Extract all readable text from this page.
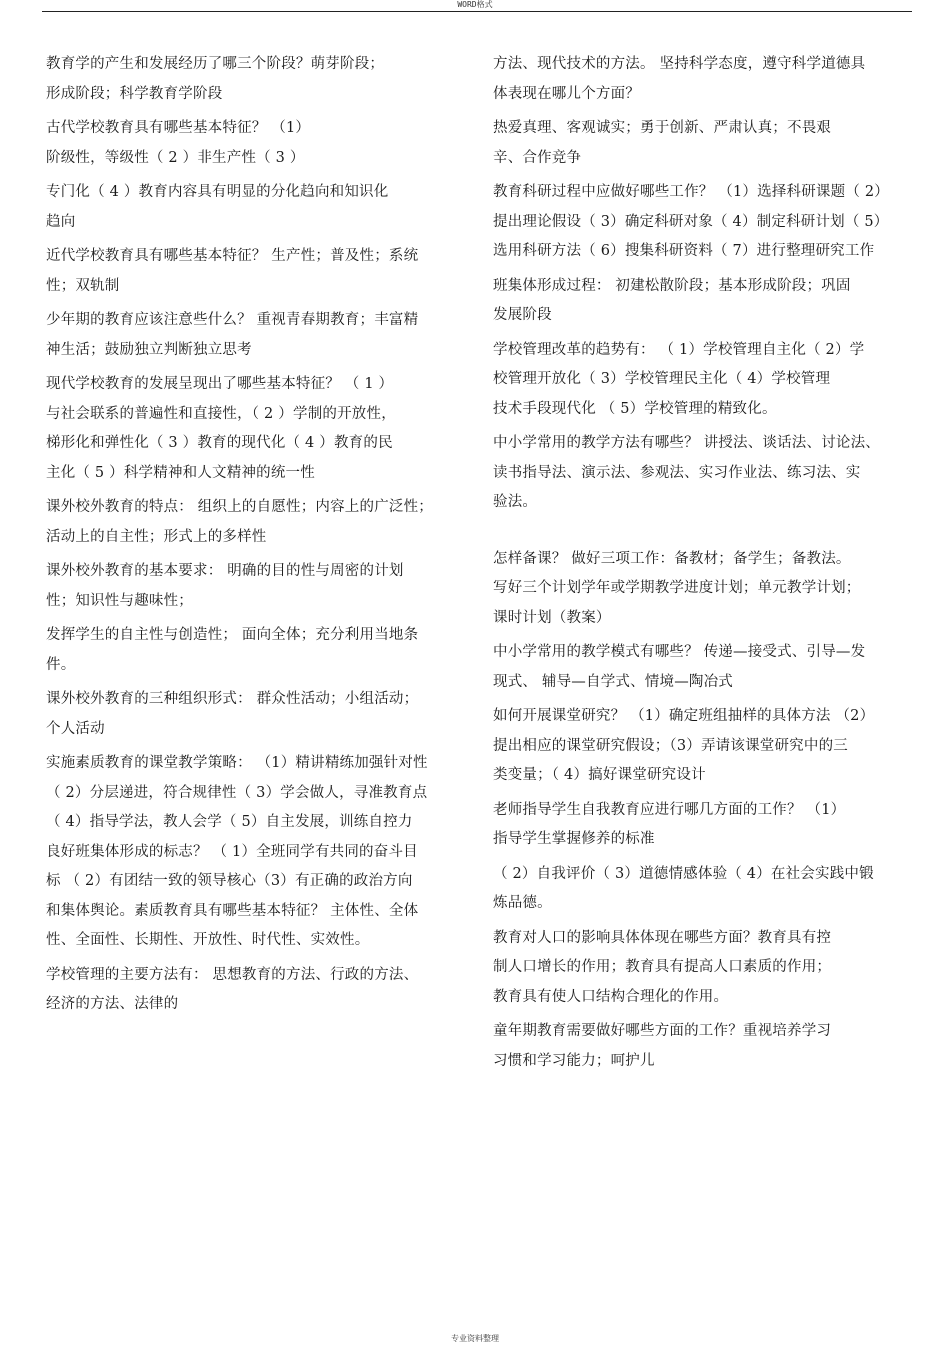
WORD格式
教育学的产生和发展经历了哪三个阶段？萌芽阶段；
形成阶段；科学教育学阶段
古代学校教育具有哪些基本特征？ （1）
阶级性，等级性（ 2 ）非生产性（ 3 ）
专门化（ 4 ）教育内容具有明显的分化趋向和知识化
趋向
近代学校教育具有哪些基本特征？ 生产性；普及性；系统
性；双轨制
少年期的教育应该注意些什么？ 重视青春期教育；丰富精
神生活；鼓励独立判断独立思考
现代学校教育的发展呈现出了哪些基本特征？ （ 1 ）
与社会联系的普遍性和直接性，（ 2 ）学制的开放性，
梯形化和弹性化（ 3 ）教育的现代化（ 4 ）教育的民
主化（ 5 ）科学精神和人文精神的统一性
课外校外教育的特点： 组织上的自愿性；内容上的广泛性；
活动上的自主性；形式上的多样性
课外校外教育的基本要求： 明确的目的性与周密的计划
性；知识性与趣味性；
发挥学生的自主性与创造性； 面向全体；充分利用当地条
件。
课外校外教育的三种组织形式： 群众性活动；小组活动；
个人活动
实施素质教育的课堂教学策略： （1）精讲精练加强针对性
（ 2）分层递进，符合规律性（ 3）学会做人，寻准教育点
（ 4）指导学法，教人会学（ 5）自主发展，训练自控力
良好班集体形成的标志？ （ 1）全班同学有共同的奋斗目
标 （ 2）有团结一致的领导核心（3）有正确的政治方向
和集体舆论。素质教育具有哪些基本特征？ 主体性、全体
性、全面性、长期性、开放性、时代性、实效性。
学校管理的主要方法有： 思想教育的方法、行政的方法、
经济的方法、法律的
方法、现代技术的方法。 坚持科学态度，遵守科学道德具
体表现在哪儿个方面？
热爱真理、客观诚实；勇于创新、严肃认真；不畏艰
辛、合作竞争
教育科研过程中应做好哪些工作？ （1）选择科研课题（ 2）
提出理论假设（ 3）确定科研对象（ 4）制定科研计划（ 5）
选用科研方法（ 6）搜集科研资料（ 7）进行整理研究工作
班集体形成过程： 初建松散阶段；基本形成阶段；巩固
发展阶段
学校管理改革的趋势有： （ 1）学校管理自主化（ 2）学
校管理开放化（ 3）学校管理民主化（ 4）学校管理
技术手段现代化 （ 5）学校管理的精致化。
中小学常用的教学方法有哪些？ 讲授法、谈话法、讨论法、
读书指导法、演示法、参观法、实习作业法、练习法、实
验法。
怎样备课？ 做好三项工作：备教材；备学生；备教法。
写好三个计划学年或学期教学进度计划；单元教学计划；
课时计划（教案）
中小学常用的教学模式有哪些？ 传递—接受式、引导—发
现式、 辅导—自学式、情境—陶冶式
如何开展课堂研究？ （1）确定班组抽样的具体方法 （2）
提出相应的课堂研究假设；（3）弄请该课堂研究中的三
类变量；（ 4）搞好课堂研究设计
老师指导学生自我教育应进行哪几方面的工作？ （1）
指导学生掌握修养的标准
（ 2）自我评价（ 3）道德情感体验（ 4）在社会实践中锻
炼品德。
教育对人口的影响具体体现在哪些方面？教育具有控
制人口增长的作用；教育具有提高人口素质的作用；
教育具有使人口结构合理化的作用。
童年期教育需要做好哪些方面的工作？重视培养学习
习惯和学习能力；呵护儿
专业资料整理
